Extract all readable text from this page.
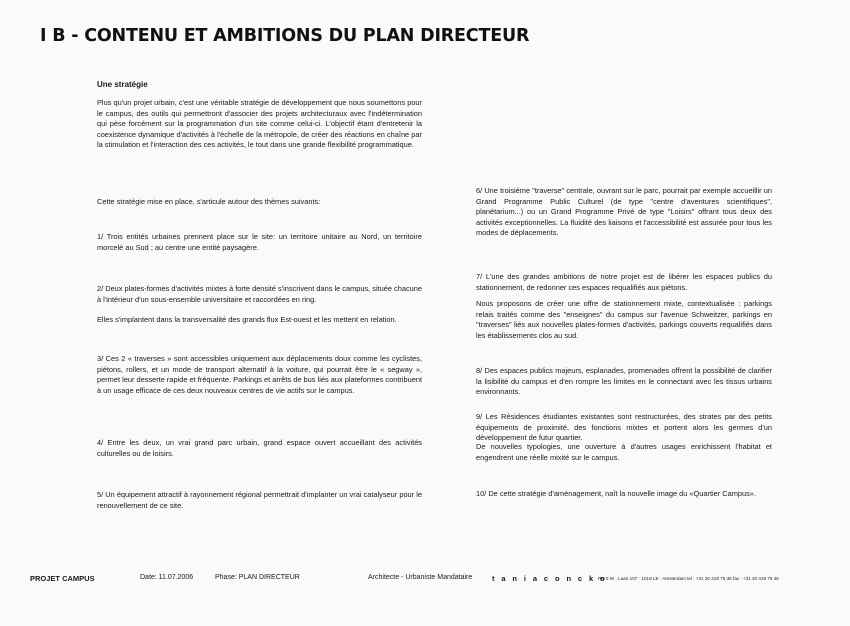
I B - CONTENU ET AMBITIONS DU PLAN DIRECTEUR
Une stratégie

Plus qu'un projet urbain, c'est une véritable stratégie de développement que nous soumettons pour le campus, des outils qui permettront d'associer des projets architecturaux avec l'indétermination qui pèse forcément sur la programmation d'un site comme celui-ci. L'objectif étant d'entretenir la coexistence dynamique d'activités à l'échelle de la métropole, de créer des réactions en chaîne par la stimulation et l'interaction des ces activités, le tout dans une grande flexibilité programmatique.

Cette stratégie mise en place, s'articule autour des thèmes suivants:

1/ Trois entités urbaines prennent place sur le site: un territoire unitaire au Nord, un territoire morcelé au Sud ; au centre une entité paysagère.

2/ Deux plates-formes d'activités mixtes à forte densité s'inscrivent dans le campus, située chacune à l'intérieur d'un sous-ensemble universitaire et raccordées en ring.

Elles s'implantent dans la transversalité des grands flux Est-ouest et les mettent en relation.

3/ Ces 2 « traverses » sont accessibles uniquement aux déplacements doux comme les cyclistes, piétons, rollers, et un mode de transport alternatif à la voiture, qui pourrait être le « segway », permet leur desserte rapide et fréquente. Parkings et arrêts de bus liés aux plateformes contribuent à un usage efficace de ces deux nouveaux centres de vie actifs sur le campus.

4/ Entre les deux, un vrai grand parc urbain, grand espace ouvert accueillant des activités culturelles ou de loisirs.

5/ Un équipement attractif à rayonnement régional permettrait d'implanter un vrai catalyseur pour le renouvellement de ce site.

6/ Une troisième "traverse" centrale, ouvrant sur le parc, pourrait par exemple accueillir un Grand Programme Public Culturel (de type "centre d'aventures scientifiques", planétarium...) ou un Grand Programme Privé de type "Loisirs" offrant tous deux des activités exceptionnelles. La fluidité des liaisons et l'accessibilité est assurée pour tous les modes de déplacements.

7/ L'une des grandes ambitions de notre projet est de libérer les espaces publics du stationnement, de redonner ces espaces requalifiés aux piétons.

Nous proposons de créer une offre de stationnement mixte, contextualisée : parkings relais traités comme des "enseignes" du campus sur l'avenue Schweitzer, parkings en "traverses" liés aux nouvelles plates-formes d'activités, parkings couverts requalifiés dans les établissements clos au sud.

8/ Des espaces publics majeurs, esplanades, promenades offrent la possibilité de clarifier la lisibilité du campus et d'en rompre les limites en le connectant avec les tissus urbains environnants.

9/ Les Résidences étudiantes existantes sont restructurées, des strates par des petits équipements de proximité, des fonctions mixtes et portent alors les germes d'un développement de futur quartier.

De nouvelles typologies, une ouverture à d'autres usages enrichissent l'habitat et engendrent une réelle mixité sur le campus.

10/ De cette stratégie d'aménagement, naît la nouvelle image du «Quartier Campus».

PROJET CAMPUS	Date: 11.07.2006	Phase: PLAN DIRECTEUR	Architecte - Urbaniste Mandataire	t a n i a c o n c k o
RN 0 W · Laan 107 · 1019 LE · Amsterdam tel : +31 20 419 75 35 fax : +31 20 419 75 45
